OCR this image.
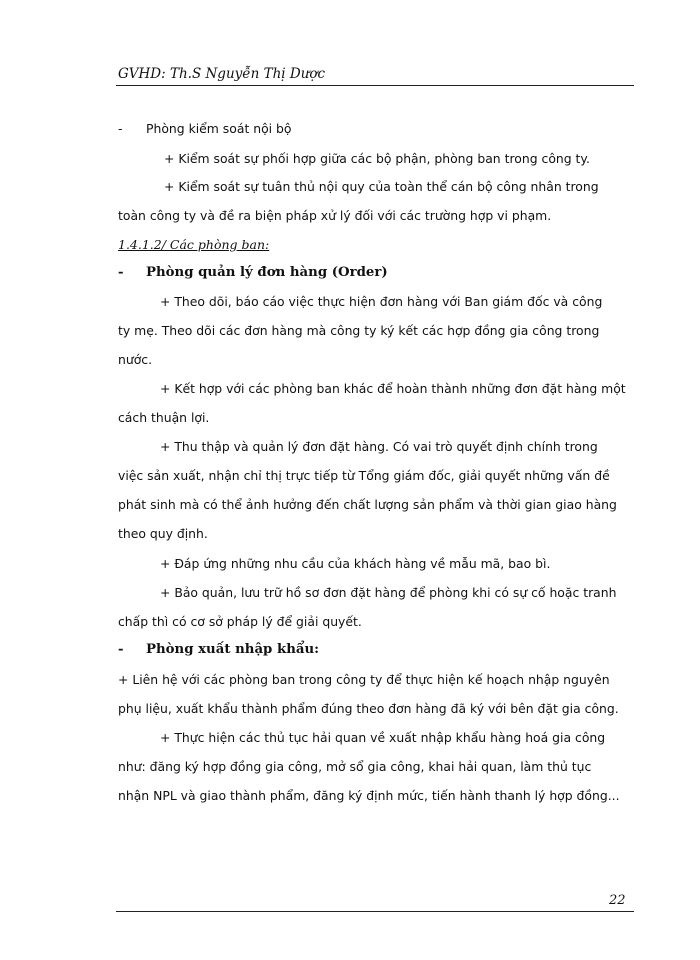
GVHD: Th.S Nguyễn Thị Dược
- Phòng kiểm soát nội bộ
+ Kiểm soát sự phối hợp giữa các bộ phận, phòng ban trong công ty.
+ Kiểm soát sự tuân thủ nội quy của toàn thể cán bộ công nhân trong
toàn công ty và đề ra biện pháp xử lý đối với các trường hợp vi phạm.
1.4.1.2/ Các phòng ban:
- Phòng quản lý đơn hàng (Order)
+ Theo dõi, báo cáo việc thực hiện đơn hàng với Ban giám đốc và công
ty mẹ. Theo dõi các đơn hàng mà công ty ký kết các hợp đồng gia công trong
nước.
+ Kết hợp với các phòng ban khác để hoàn thành những đơn đặt hàng một
cách thuận lợi.
+ Thu thập và quản lý đơn đặt hàng. Có vai trò quyết định chính trong
việc sản xuất, nhận chỉ thị trực tiếp từ Tổng giám đốc, giải quyết những vấn đề
phát sinh mà có thể ảnh hưởng đến chất lượng sản phẩm và thời gian giao hàng
theo quy định.
+ Đáp ứng những nhu cầu của khách hàng về mẫu mã, bao bì.
+ Bảo quản, lưu trữ hồ sơ đơn đặt hàng để phòng khi có sự cố hoặc tranh
chấp thì có cơ sở pháp lý để giải quyết.
- Phòng xuất nhập khẩu:
+ Liên hệ với các phòng ban trong công ty để thực hiện kế hoạch nhập nguyên
phụ liệu, xuất khẩu thành phẩm đúng theo đơn hàng đã ký với bên đặt gia công.
+ Thực hiện các thủ tục hải quan về xuất nhập khẩu hàng hoá gia công
như: đăng ký hợp đồng gia công, mở sổ gia công, khai hải quan, làm thủ tục
nhận NPL và giao thành phẩm, đăng ký định mức, tiến hành thanh lý hợp đồng...
22
